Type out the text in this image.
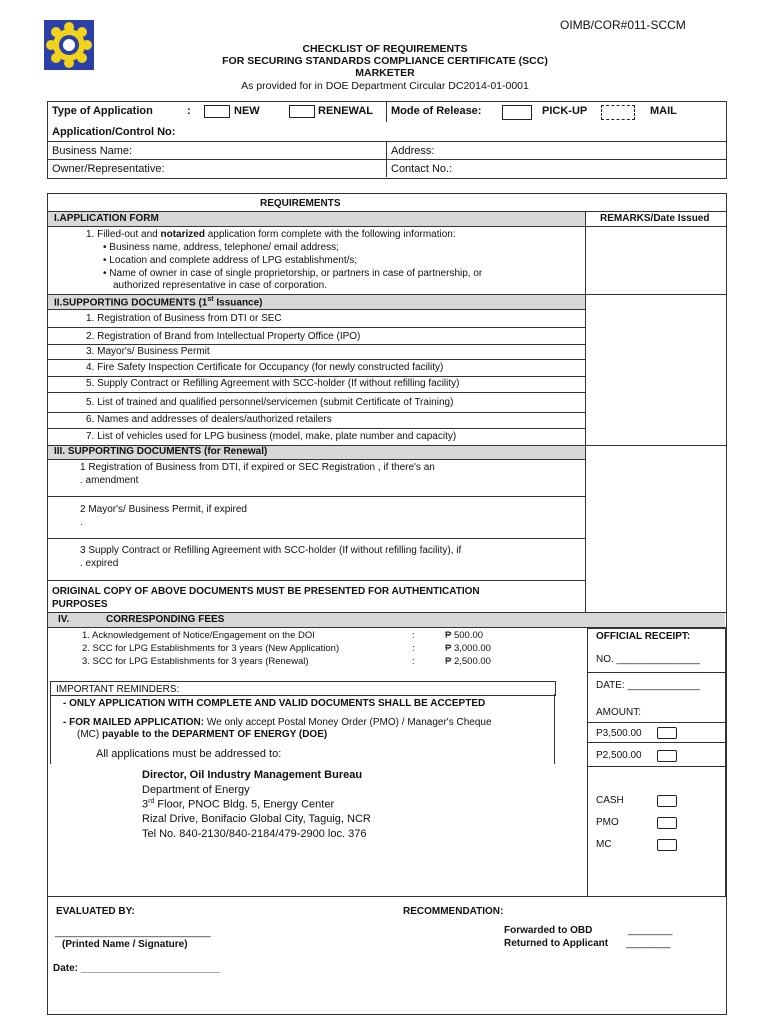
OIMB/COR#011-SCCM
CHECKLIST OF REQUIREMENTS
FOR SECURING STANDARDS COMPLIANCE CERTIFICATE (SCC)
MARKETER
As provided for in DOE Department Circular DC2014-01-0001
Type of Application	:	NEW	RENEWAL Mode of Release:	PICK-UP	MAIL
Application/Control No:
Business Name:	Address:
Owner/Representative:	Contact No.:
REQUIREMENTS
I.APPLICATION FORM	REMARKS/Date Issued
1. Filled-out and notarized application form complete with the following information:
• Business name, address, telephone/ email address;
• Location and complete address of LPG establishment/s;
• Name of owner in case of single proprietorship, or partners in case of partnership, or
authorized representative in case of corporation.
II.SUPPORTING DOCUMENTS (1st Issuance)
1. Registration of Business from DTI or SEC
2. Registration of Brand from Intellectual Property Office (IPO)
3. Mayor's/ Business Permit
4. Fire Safety Inspection Certificate for Occupancy (for newly constructed facility)
5. Supply Contract or Refilling Agreement with SCC-holder (If without refilling facility)
5. List of trained and qualified personnel/servicemen (submit Certificate of Training)
6. Names and addresses of dealers/authorized retailers
7. List of vehicles used for LPG business (model, make, plate number and capacity)
III. SUPPORTING DOCUMENTS (for Renewal)
1 Registration of Business from DTI, if expired or SEC Registration , if there's an
. amendment
2 Mayor's/ Business Permit, if expired
.
3 Supply Contract or Refilling Agreement with SCC-holder (If without refilling facility), if
. expired
ORIGINAL COPY OF ABOVE DOCUMENTS MUST BE PRESENTED FOR AUTHENTICATION
PURPOSES
IV.	CORRESPONDING FEES
1. Acknowledgement of Notice/Engagement on the DOI	:	₱ 500.00
2. SCC for LPG Establishments for 3 years (New Application)	:	₱ 3,000.00
3. SCC for LPG Establishments for 3 years (Renewal)	:	₱ 2,500.00
OFFICIAL RECEIPT:
NO. _______________
DATE: _____________
AMOUNT:
P3,500.00
P2,500.00
CASH
PMO
MC
IMPORTANT REMINDERS:
- ONLY APPLICATION WITH COMPLETE AND VALID DOCUMENTS SHALL BE ACCEPTED
- FOR MAILED APPLICATION: We only accept Postal Money Order (PMO) / Manager's Cheque
(MC) payable to the DEPARMENT OF ENERGY (DOE)
All applications must be addressed to:
Director, Oil Industry Management Bureau
Department of Energy
3rd Floor, PNOC Bldg. 5, Energy Center
Rizal Drive, Bonifacio Global City, Taguig, NCR
Tel No. 840-2130/840-2184/479-2900 loc. 376
EVALUATED BY:	RECOMMENDATION:
____________________________
(Printed Name / Signature)
Forwarded to OBD	________
Returned to Applicant ________
Date: _________________________
